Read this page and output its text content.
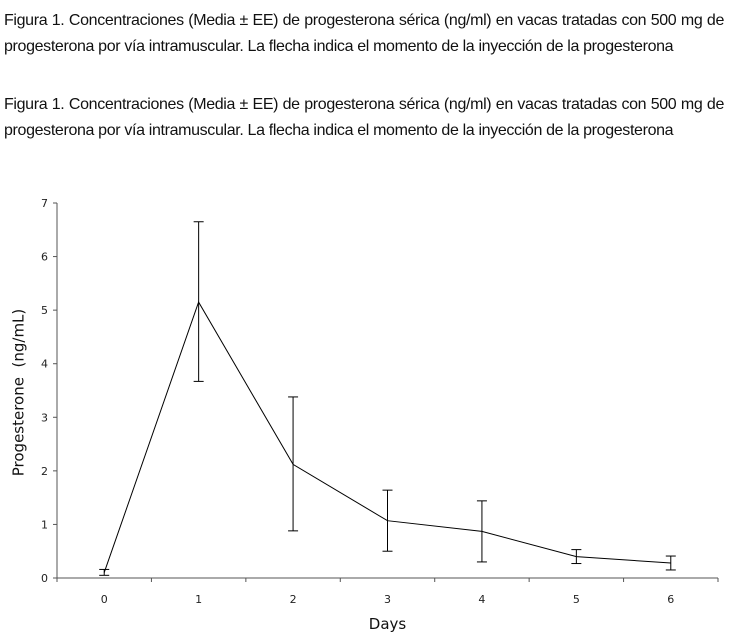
Figura 1. Concentraciones (Media ± EE) de progesterona sérica (ng/ml) en vacas tratadas con 500 mg de progesterona por vía intramuscular. La flecha indica el momento de la inyección de la progesterona

Figura 1. Concentraciones (Media ± EE) de progesterona sérica (ng/ml) en vacas tratadas con 500 mg de progesterona por vía intramuscular. La flecha indica el momento de la inyección de la progesterona

0
1
2
3
4
5
6
7
0	1	2	3	4	5	6
Days
Progesterone  (ng/mL)
